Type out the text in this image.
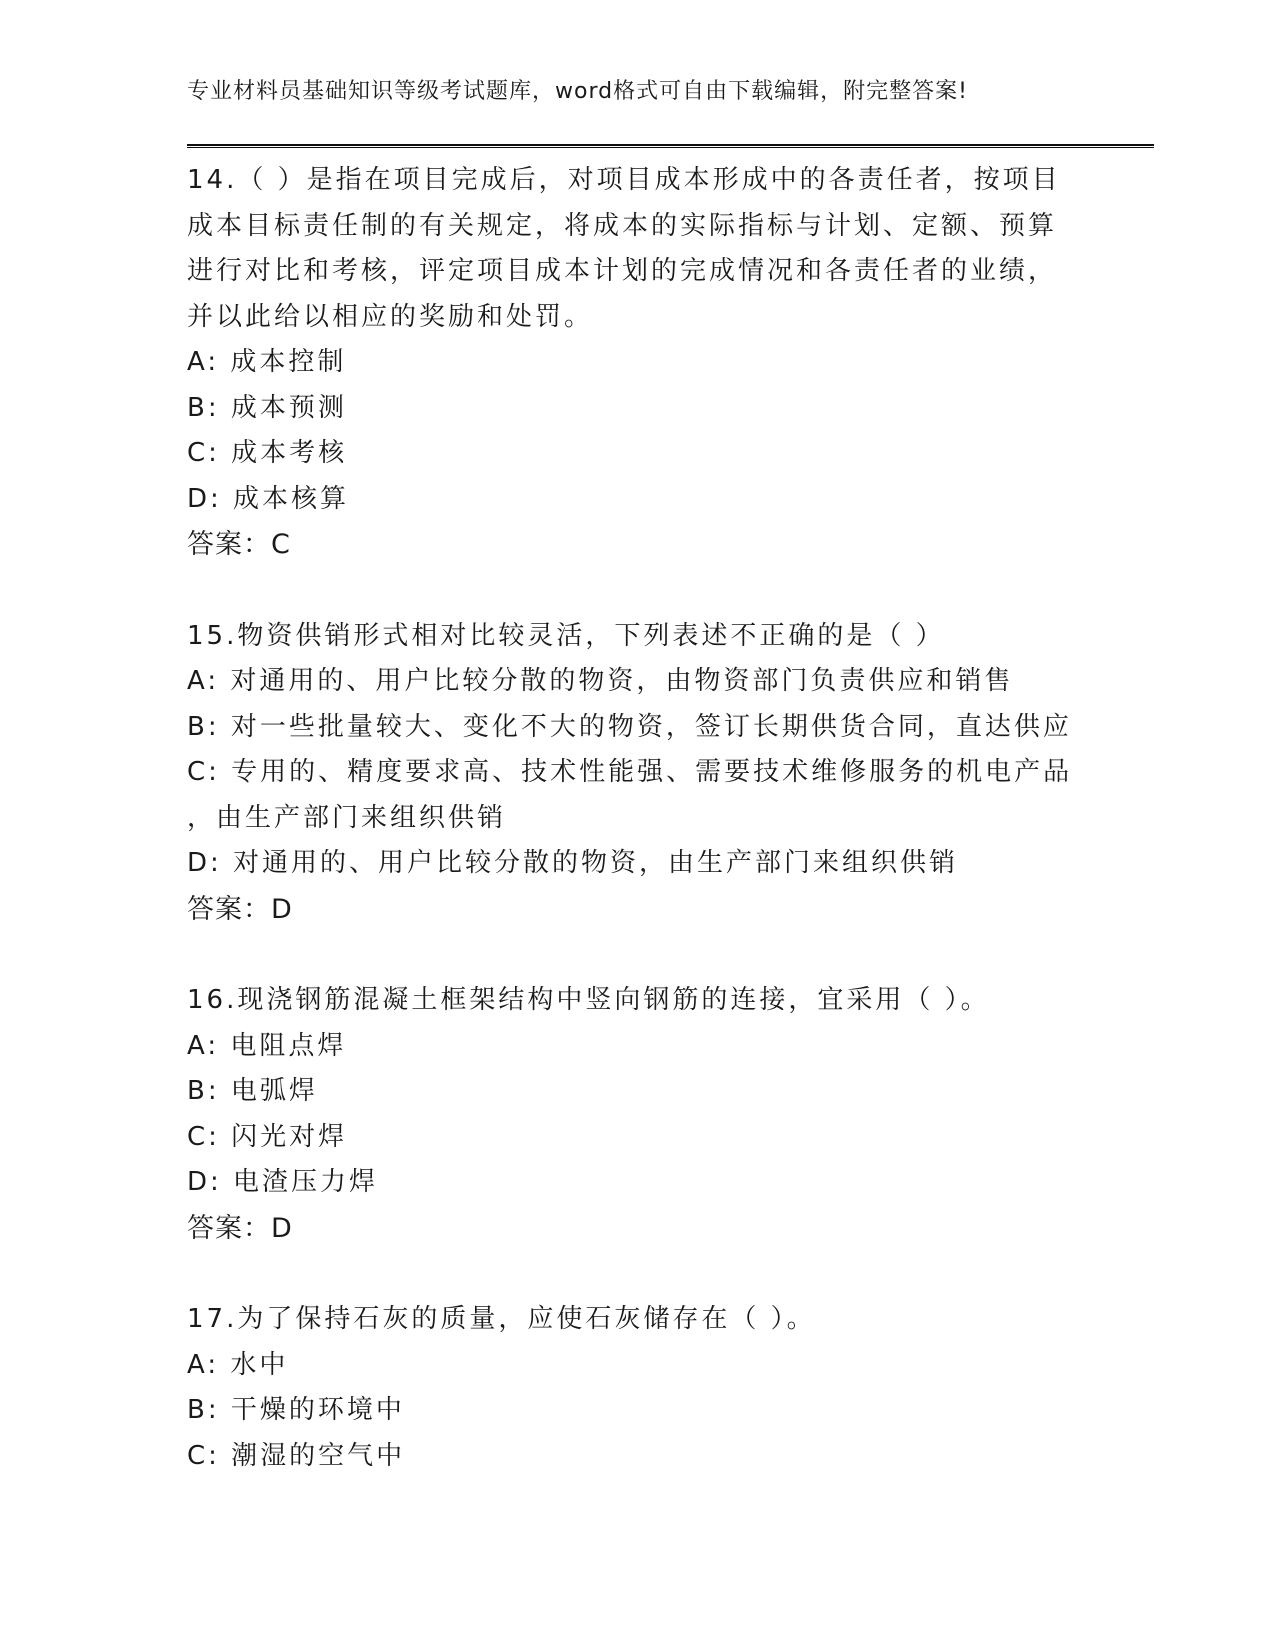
专业材料员基础知识等级考试题库，word格式可自由下载编辑，附完整答案!
14.（ ）是指在项目完成后，对项目成本形成中的各责任者，按项目
成本目标责任制的有关规定，将成本的实际指标与计划、定额、预算
进行对比和考核，评定项目成本计划的完成情况和各责任者的业绩，
并以此给以相应的奖励和处罚。
A: 成本控制
B: 成本预测
C: 成本考核
D: 成本核算
答案：C
15.物资供销形式相对比较灵活，下列表述不正确的是（ ）
A: 对通用的、用户比较分散的物资，由物资部门负责供应和销售
B: 对一些批量较大、变化不大的物资，签订长期供货合同，直达供应
C: 专用的、精度要求高、技术性能强、需要技术维修服务的机电产品
，由生产部门来组织供销
D: 对通用的、用户比较分散的物资，由生产部门来组织供销
答案：D
16.现浇钢筋混凝土框架结构中竖向钢筋的连接，宜采用（ ）。
A: 电阻点焊
B: 电弧焊
C: 闪光对焊
D: 电渣压力焊
答案：D
17.为了保持石灰的质量，应使石灰储存在（ ）。
A: 水中
B: 干燥的环境中
C: 潮湿的空气中
